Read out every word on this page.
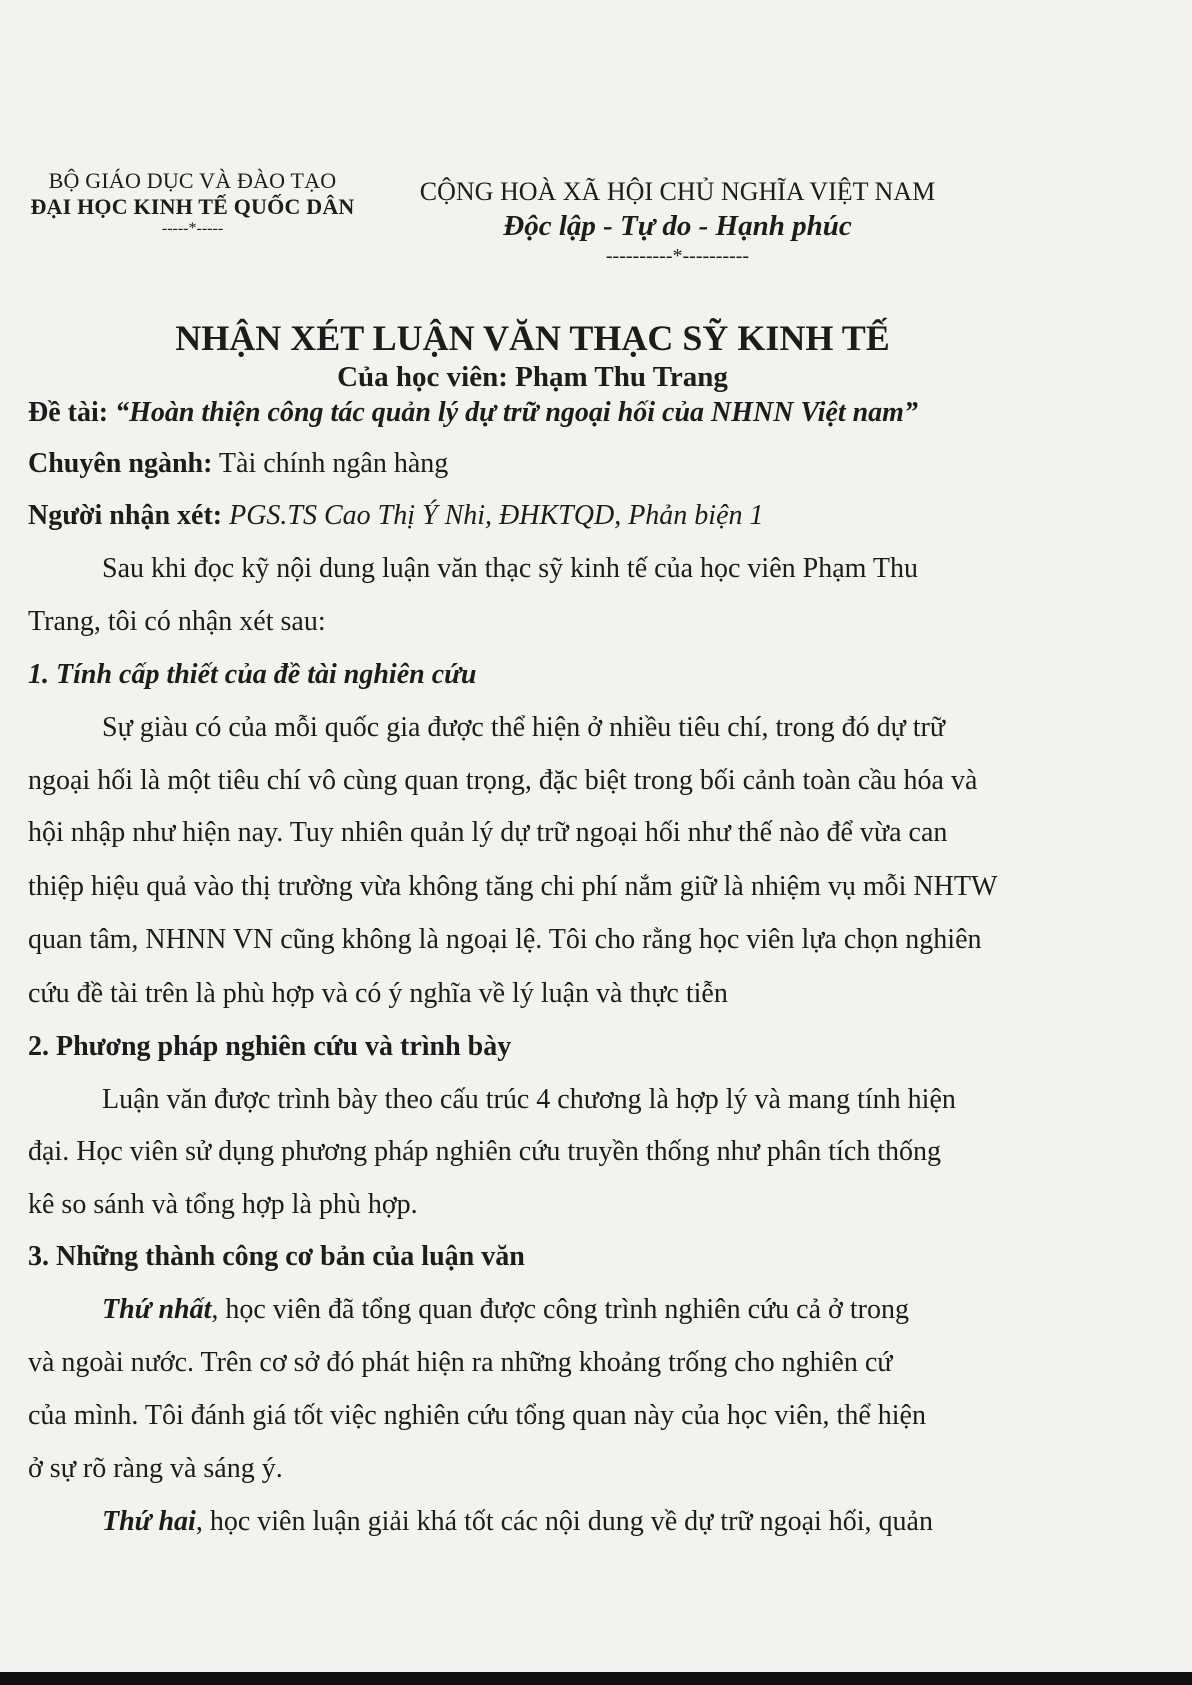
BỘ GIÁO DỤC VÀ ĐÀO TẠO
ĐẠI HỌC KINH TẾ QUỐC DÂN
-----*-----
CỘNG HOÀ XÃ HỘI CHỦ NGHĨA VIỆT NAM
Độc lập - Tự do - Hạnh phúc
----------*----------
NHẬN XÉT LUẬN VĂN THẠC SỸ KINH TẾ
Của học viên: Phạm Thu Trang
Đề tài: “Hoàn thiện công tác quản lý dự trữ ngoại hối của NHNN Việt nam”
Chuyên ngành: Tài chính ngân hàng
Người nhận xét: PGS.TS Cao Thị Ý Nhi, ĐHKTQD, Phản biện 1
Sau khi đọc kỹ nội dung luận văn thạc sỹ kinh tế của học viên Phạm Thu
Trang, tôi có nhận xét sau:
1. Tính cấp thiết của đề tài nghiên cứu
Sự giàu có của mỗi quốc gia được thể hiện ở nhiều tiêu chí, trong đó dự trữ
ngoại hối là một tiêu chí vô cùng quan trọng, đặc biệt trong bối cảnh toàn cầu hóa và
hội nhập như hiện nay. Tuy nhiên quản lý dự trữ ngoại hối như thế nào để vừa can
thiệp hiệu quả vào thị trường vừa không tăng chi phí nắm giữ là nhiệm vụ mỗi NHTW
quan tâm, NHNN VN cũng không là ngoại lệ. Tôi cho rằng học viên lựa chọn nghiên
cứu đề tài trên là phù hợp và có ý nghĩa về lý luận và thực tiễn
2. Phương pháp nghiên cứu và trình bày
Luận văn được trình bày theo cấu trúc 4 chương là hợp lý và mang tính hiện
đại. Học viên sử dụng phương pháp nghiên cứu truyền thống như phân tích thống
kê so sánh và tổng hợp là phù hợp.
3. Những thành công cơ bản của luận văn
Thứ nhất, học viên đã tổng quan được công trình nghiên cứu cả ở trong
và ngoài nước. Trên cơ sở đó phát hiện ra những khoảng trống cho nghiên cứ
của mình. Tôi đánh giá tốt việc nghiên cứu tổng quan này của học viên, thể hiện
ở sự rõ ràng và sáng ý.
Thứ hai, học viên luận giải khá tốt các nội dung về dự trữ ngoại hối, quản
